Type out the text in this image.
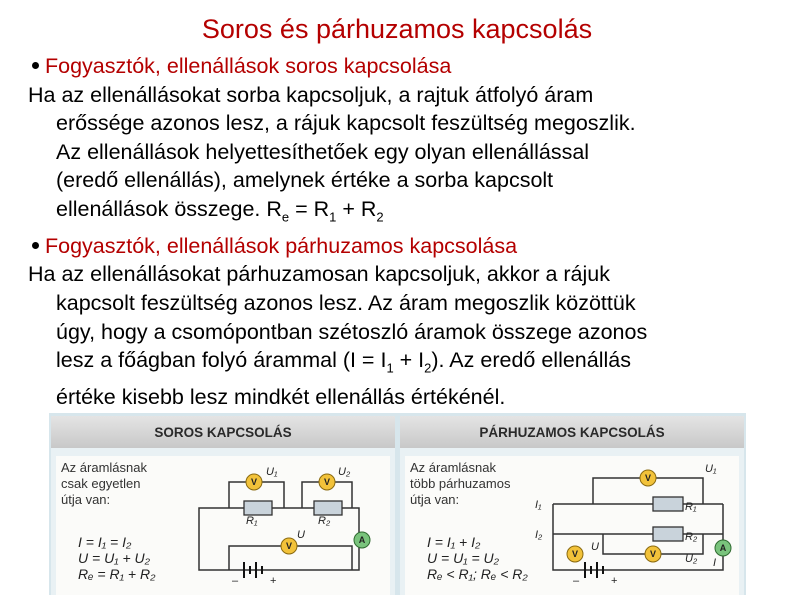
Soros és párhuzamos kapcsolás
Fogyasztók, ellenállások soros kapcsolása
Ha az ellenállásokat sorba kapcsoljuk, a rajtuk átfolyó áram
erőssége azonos lesz, a rájuk kapcsolt feszültség megoszlik.
Az ellenállások helyettesíthetőek egy olyan ellenállással
(eredő ellenállás), amelynek értéke a sorba kapcsolt
ellenállások összege. $R_e = R_1 + R_2$
Fogyasztók, ellenállások párhuzamos kapcsolása
Ha az ellenállásokat párhuzamosan kapcsoljuk, akkor a rájuk
kapcsolt feszültség azonos lesz. Az áram megoszlik közöttük
úgy, hogy a csomópontban szétoszló áramok összege azonos
lesz a főágban folyó árammal $(I = I_1 + I_2)$. Az eredő ellenállás
értéke kisebb lesz mindkét ellenállás értékénél.
SOROS KAPCSOLÁS
Az áramlásnak
csak egyetlen
útja van:
I = I₁ = I₂
U = U₁ + U₂
Rₑ = R₁ + R₂
V	V
V
A
U₁	U₂
R₁	R₂
U
–	+
PÁRHUZAMOS KAPCSOLÁS
Az áramlásnak
több párhuzamos
útja van:
I = I₁ + I₂
U = U₁ = U₂
Rₑ < R₁; Rₑ < R₂
V
V
V
A
U₁
U₂
R₁
R₂
I₁
I₂
I
U
–	+
